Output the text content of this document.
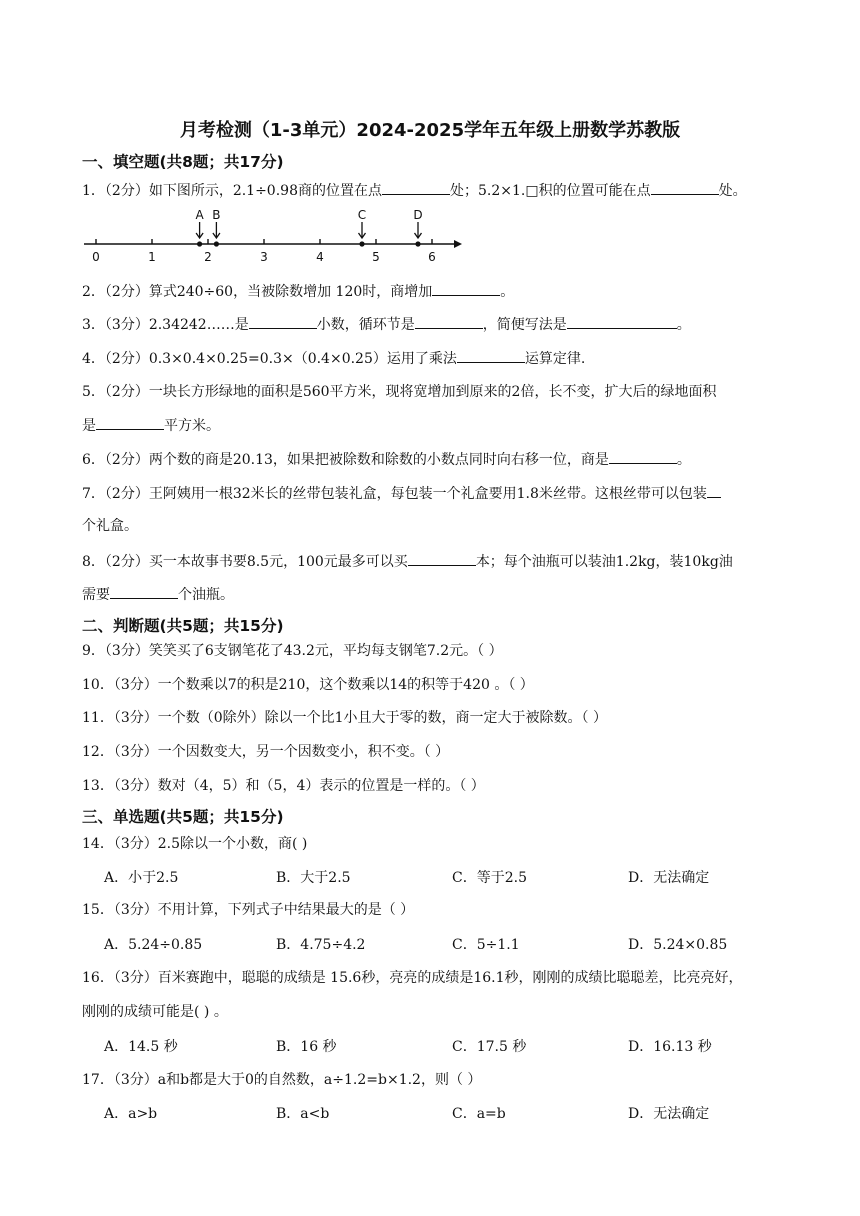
月考检测（1-3单元）2024-2025学年五年级上册数学苏教版
一、填空题(共8题；共17分)
1．（2分）如下图所示，2.1÷0.98商的位置在点	处；5.2×1.□积的位置可能在点	处。
0	1	2	3	4	5	6
A B	C	D
2．（2分）算式240÷60，当被除数增加 120时，商增加	。
3．（3分）2.34242……是	小数，循环节是	，简便写法是	。
4．（2分）0.3×0.4×0.25=0.3×（0.4×0.25）运用了乘法	运算定律.
5．（2分）一块长方形绿地的面积是560平方米，现将宽增加到原来的2倍，长不变，扩大后的绿地面积
是	平方米。
6．（2分）两个数的商是20.13，如果把被除数和除数的小数点同时向右移一位，商是	。
7．（2分）王阿姨用一根32米长的丝带包装礼盒，每包装一个礼盒要用1.8米丝带。这根丝带可以包装
个礼盒。
8．（2分）买一本故事书要8.5元，100元最多可以买	本；每个油瓶可以装油1.2kg，装10kg油
需要	个油瓶。
二、判断题(共5题；共15分)
9．（3分）笑笑买了6支钢笔花了43.2元，平均每支钢笔7.2元。（ ）
10．（3分）一个数乘以7的积是210，这个数乘以14的积等于420 。（ ）
11．（3分）一个数（0除外）除以一个比1小且大于零的数，商一定大于被除数。（ ）
12．（3分）一个因数变大，另一个因数变小，积不变。（ ）
13．（3分）数对（4，5）和（5，4）表示的位置是一样的。（ ）
三、单选题(共5题；共15分)
14．（3分）2.5除以一个小数，商( )
A．小于2.5	B．大于2.5	C．等于2.5	D．无法确定
15．（3分）不用计算，下列式子中结果最大的是（ ）
A．5.24÷0.85	B．4.75÷4.2	C．5÷1.1	D．5.24×0.85
16．（3分）百米赛跑中，聪聪的成绩是 15.6秒，亮亮的成绩是16.1秒，刚刚的成绩比聪聪差，比亮亮好，
刚刚的成绩可能是( ) 。
A．14.5 秒	B．16 秒	C．17.5 秒	D．16.13 秒
17．（3分）a和b都是大于0的自然数，a÷1.2=b×1.2，则（ ）
A．a>b	B．a<b	C．a=b	D．无法确定
